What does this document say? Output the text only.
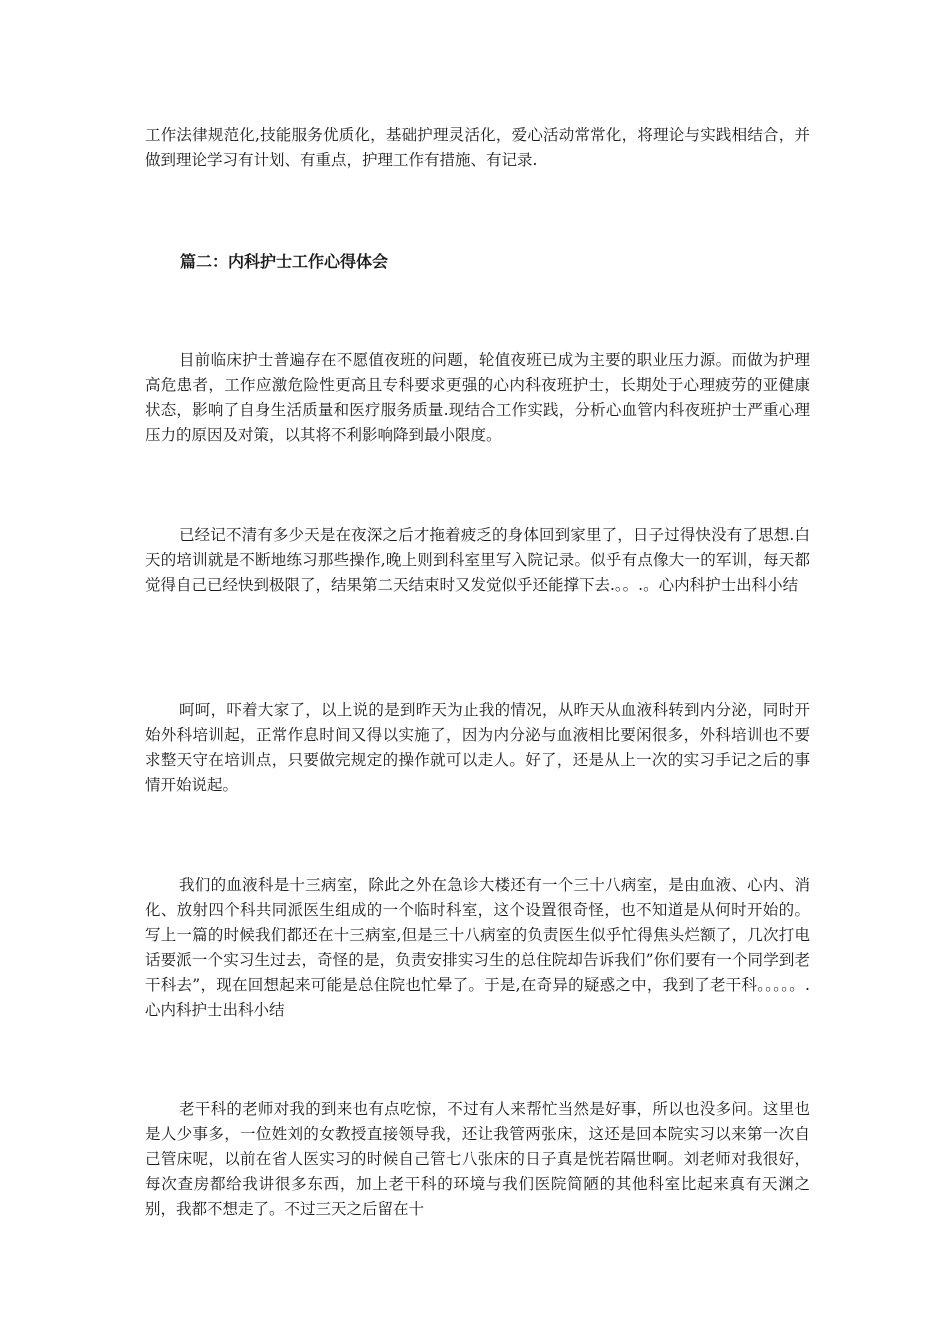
工作法律规范化,技能服务优质化，基础护理灵活化，爱心活动常常化，将理论与实践相结合，并做到理论学习有计划、有重点，护理工作有措施、有记录.

篇二：内科护士工作心得体会

目前临床护士普遍存在不愿值夜班的问题，轮值夜班已成为主要的职业压力源。而做为护理高危患者，工作应激危险性更高且专科要求更强的心内科夜班护士，长期处于心理疲劳的亚健康状态，影响了自身生活质量和医疗服务质量.现结合工作实践，分析心血管内科夜班护士严重心理压力的原因及对策，以其将不利影响降到最小限度。

已经记不清有多少天是在夜深之后才拖着疲乏的身体回到家里了，日子过得快没有了思想.白天的培训就是不断地练习那些操作,晚上则到科室里写入院记录。似乎有点像大一的军训，每天都觉得自己已经快到极限了，结果第二天结束时又发觉似乎还能撑下去.。。.。心内科护士出科小结

呵呵，吓着大家了，以上说的是到昨天为止我的情况，从昨天从血液科转到内分泌，同时开始外科培训起，正常作息时间又得以实施了，因为内分泌与血液相比要闲很多，外科培训也不要求整天守在培训点，只要做完规定的操作就可以走人。好了，还是从上一次的实习手记之后的事情开始说起。

我们的血液科是十三病室，除此之外在急诊大楼还有一个三十八病室，是由血液、心内、消化、放射四个科共同派医生组成的一个临时科室，这个设置很奇怪，也不知道是从何时开始的。写上一篇的时候我们都还在十三病室,但是三十八病室的负责医生似乎忙得焦头烂额了，几次打电话要派一个实习生过去，奇怪的是，负责安排实习生的总住院却告诉我们”你们要有一个同学到老干科去”，现在回想起来可能是总住院也忙晕了。于是,在奇异的疑惑之中，我到了老干科。。。。。.心内科护士出科小结

老干科的老师对我的到来也有点吃惊，不过有人来帮忙当然是好事，所以也没多问。这里也是人少事多，一位姓刘的女教授直接领导我，还让我管两张床，这还是回本院实习以来第一次自己管床呢，以前在省人医实习的时候自己管七八张床的日子真是恍若隔世啊。刘老师对我很好，每次查房都给我讲很多东西，加上老干科的环境与我们医院简陋的其他科室比起来真有天渊之别，我都不想走了。不过三天之后留在十
